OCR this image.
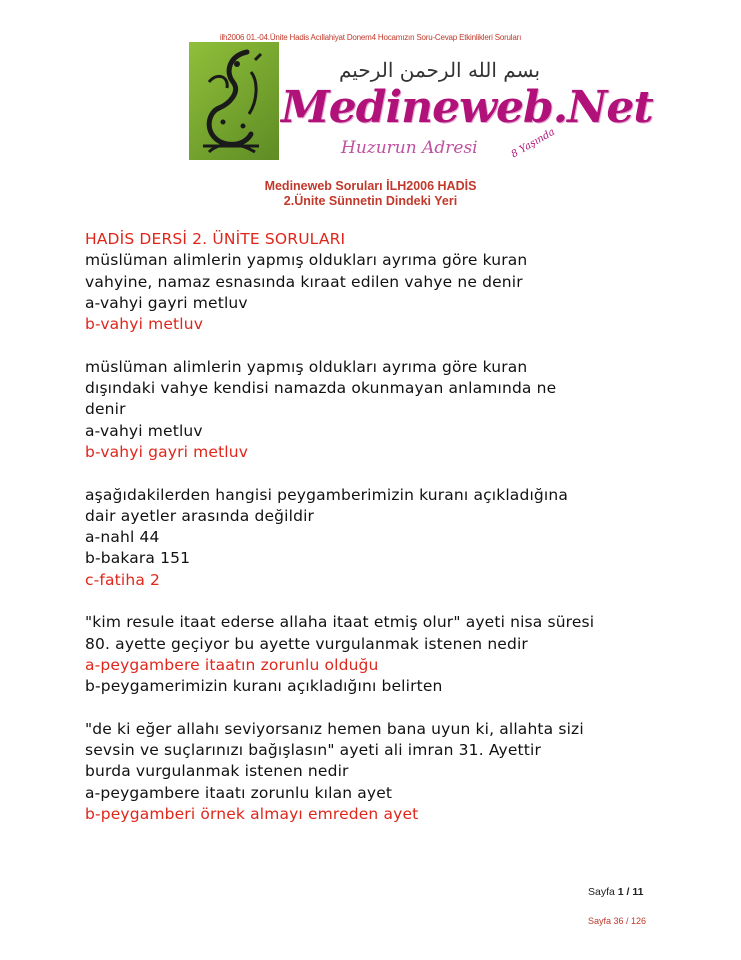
ilh2006 01.-04.Ünite Hadis Acıllahiyat Donem4 Hocamızın Soru-Cevap Etkinlikleri Soruları
بسم الله الرحمن الرحيم
Medineweb.Net
Huzurun Adresi	8 Yaşında
Medineweb Soruları İLH2006 HADİS
2.Ünite Sünnetin Dindeki Yeri
HADİS DERSİ 2. ÜNİTE SORULARI
müslüman alimlerin yapmış oldukları ayrıma göre kuran
vahyine, namaz esnasında kıraat edilen vahye ne denir
a-vahyi gayri metluv
b-vahyi metluv
müslüman alimlerin yapmış oldukları ayrıma göre kuran
dışındaki vahye kendisi namazda okunmayan anlamında ne
denir
a-vahyi metluv
b-vahyi gayri metluv
aşağıdakilerden hangisi peygamberimizin kuranı açıkladığına
dair ayetler arasında değildir
a-nahl 44
b-bakara 151
c-fatiha 2
"kim resule itaat ederse allaha itaat etmiş olur" ayeti nisa süresi
80. ayette geçiyor bu ayette vurgulanmak istenen nedir
a-peygambere itaatın zorunlu olduğu
b-peygamerimizin kuranı açıkladığını belirten
"de ki eğer allahı seviyorsanız hemen bana uyun ki, allahta sizi
sevsin ve suçlarınızı bağışlasın" ayeti ali imran 31. Ayettir
burda vurgulanmak istenen nedir
a-peygambere itaatı zorunlu kılan ayet
b-peygamberi örnek almayı emreden ayet
Sayfa 1 / 11
Sayfa 36 / 126
